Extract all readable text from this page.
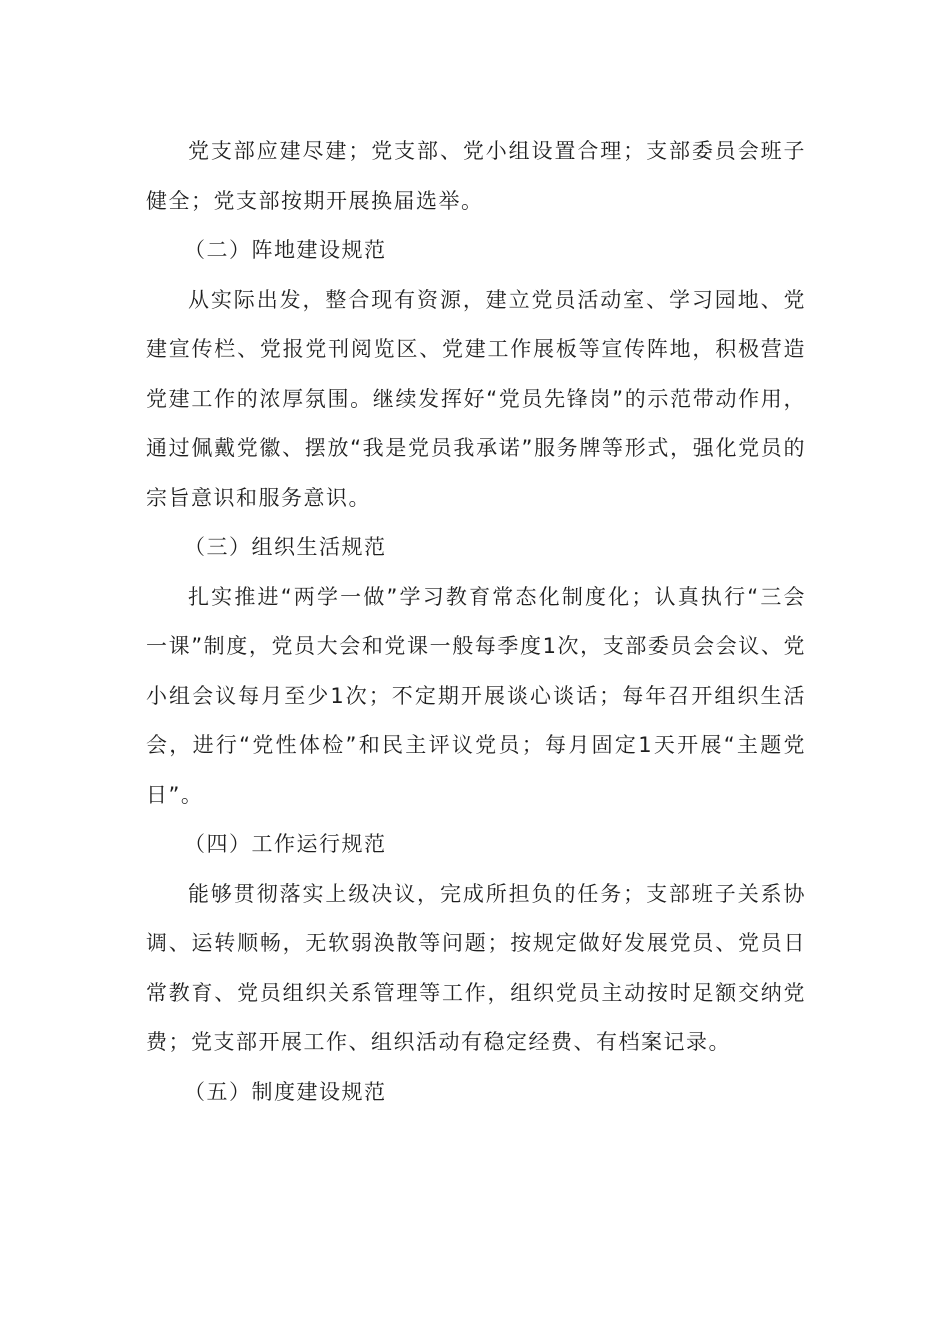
党支部应建尽建；党支部、党小组设置合理；支部委员会班子健全；党支部按期开展换届选举。

（二）阵地建设规范

从实际出发，整合现有资源，建立党员活动室、学习园地、党建宣传栏、党报党刊阅览区、党建工作展板等宣传阵地，积极营造党建工作的浓厚氛围。继续发挥好“党员先锋岗”的示范带动作用，通过佩戴党徽、摆放“我是党员我承诺”服务牌等形式，强化党员的宗旨意识和服务意识。

（三）组织生活规范

扎实推进“两学一做”学习教育常态化制度化；认真执行“三会一课”制度，党员大会和党课一般每季度1次，支部委员会会议、党小组会议每月至少1次；不定期开展谈心谈话；每年召开组织生活会，进行“党性体检”和民主评议党员；每月固定1天开展“主题党日”。

（四）工作运行规范

能够贯彻落实上级决议，完成所担负的任务；支部班子关系协调、运转顺畅，无软弱涣散等问题；按规定做好发展党员、党员日常教育、党员组织关系管理等工作，组织党员主动按时足额交纳党费；党支部开展工作、组织活动有稳定经费、有档案记录。

（五）制度建设规范
